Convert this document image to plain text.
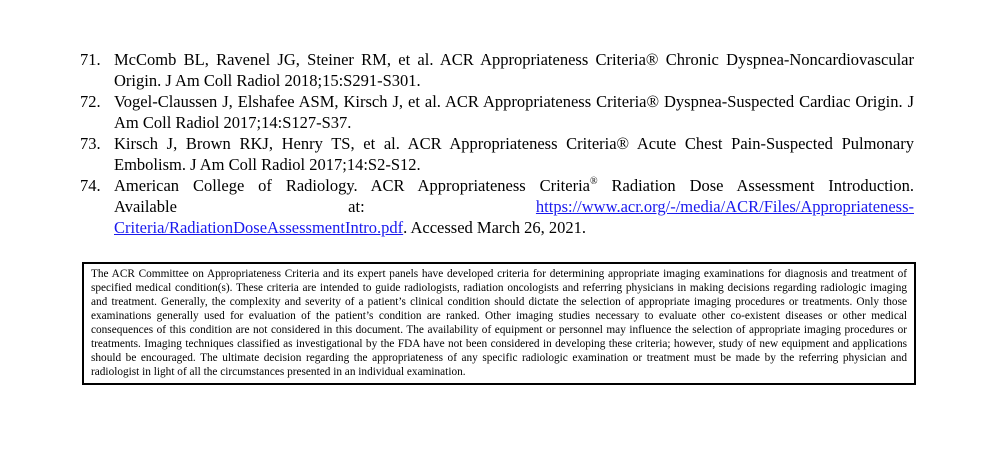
71. McComb BL, Ravenel JG, Steiner RM, et al. ACR Appropriateness Criteria® Chronic Dyspnea-Noncardiovascular Origin. J Am Coll Radiol 2018;15:S291-S301.
72. Vogel-Claussen J, Elshafee ASM, Kirsch J, et al. ACR Appropriateness Criteria® Dyspnea-Suspected Cardiac Origin. J Am Coll Radiol 2017;14:S127-S37.
73. Kirsch J, Brown RKJ, Henry TS, et al. ACR Appropriateness Criteria® Acute Chest Pain-Suspected Pulmonary Embolism. J Am Coll Radiol 2017;14:S2-S12.
74. American College of Radiology. ACR Appropriateness Criteria® Radiation Dose Assessment Introduction.
Available	at:	https://www.acr.org/-/media/ACR/Files/Appropriateness-
Criteria/RadiationDoseAssessmentIntro.pdf. Accessed March 26, 2021.
The ACR Committee on Appropriateness Criteria and its expert panels have developed criteria for determining appropriate imaging examinations for diagnosis and treatment of specified medical condition(s). These criteria are intended to guide radiologists, radiation oncologists and referring physicians in making decisions regarding radiologic imaging and treatment. Generally, the complexity and severity of a patient’s clinical condition should dictate the selection of appropriate imaging procedures or treatments. Only those examinations generally used for evaluation of the patient’s condition are ranked. Other imaging studies necessary to evaluate other co-existent diseases or other medical consequences of this condition are not considered in this document. The availability of equipment or personnel may influence the selection of appropriate imaging procedures or treatments. Imaging techniques classified as investigational by the FDA have not been considered in developing these criteria; however, study of new equipment and applications should be encouraged. The ultimate decision regarding the appropriateness of any specific radiologic examination or treatment must be made by the referring physician and radiologist in light of all the circumstances presented in an individual examination.
